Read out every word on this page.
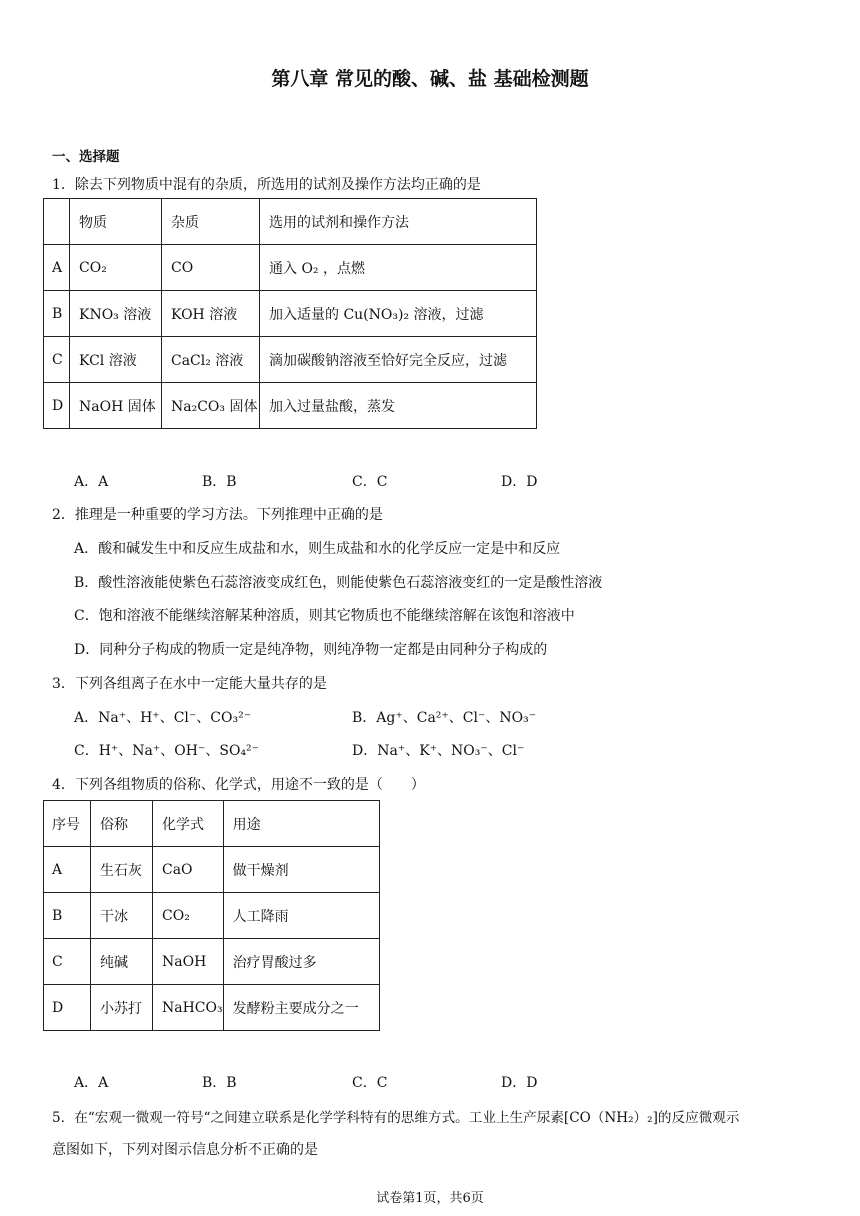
第八章 常见的酸、碱、盐 基础检测题
一、选择题
1．除去下列物质中混有的杂质，所选用的试剂及操作方法均正确的是
	物质	杂质	选用的试剂和操作方法
A	CO₂	CO	通入 O₂ ，点燃
B	KNO₃ 溶液	KOH 溶液	加入适量的 Cu(NO₃)₂ 溶液，过滤
C	KCl 溶液	CaCl₂ 溶液	滴加碳酸钠溶液至恰好完全反应，过滤
D	NaOH 固体	Na₂CO₃ 固体	加入过量盐酸，蒸发
A．A	B．B	C．C	D．D
2．推理是一种重要的学习方法。下列推理中正确的是
A．酸和碱发生中和反应生成盐和水，则生成盐和水的化学反应一定是中和反应
B．酸性溶液能使紫色石蕊溶液变成红色，则能使紫色石蕊溶液变红的一定是酸性溶液
C．饱和溶液不能继续溶解某种溶质，则其它物质也不能继续溶解在该饱和溶液中
D．同种分子构成的物质一定是纯净物，则纯净物一定都是由同种分子构成的
3．下列各组离子在水中一定能大量共存的是
A．Na⁺、H⁺、Cl⁻、CO₃²⁻	B．Ag⁺、Ca²⁺、Cl⁻、NO₃⁻
C．H⁺、Na⁺、OH⁻、SO₄²⁻	D．Na⁺、K⁺、NO₃⁻、Cl⁻
4．下列各组物质的俗称、化学式，用途不一致的是（　　）
序号	俗称	化学式	用途
A	生石灰	CaO	做干燥剂
B	干冰	CO₂	人工降雨
C	纯碱	NaOH	治疗胃酸过多
D	小苏打	NaHCO₃	发酵粉主要成分之一
A．A	B．B	C．C	D．D
5．在“宏观一微观一符号“之间建立联系是化学学科特有的思维方式。工业上生产尿素[CO（NH₂）₂]的反应微观示
意图如下，下列对图示信息分析不正确的是
试卷第1页，共6页
